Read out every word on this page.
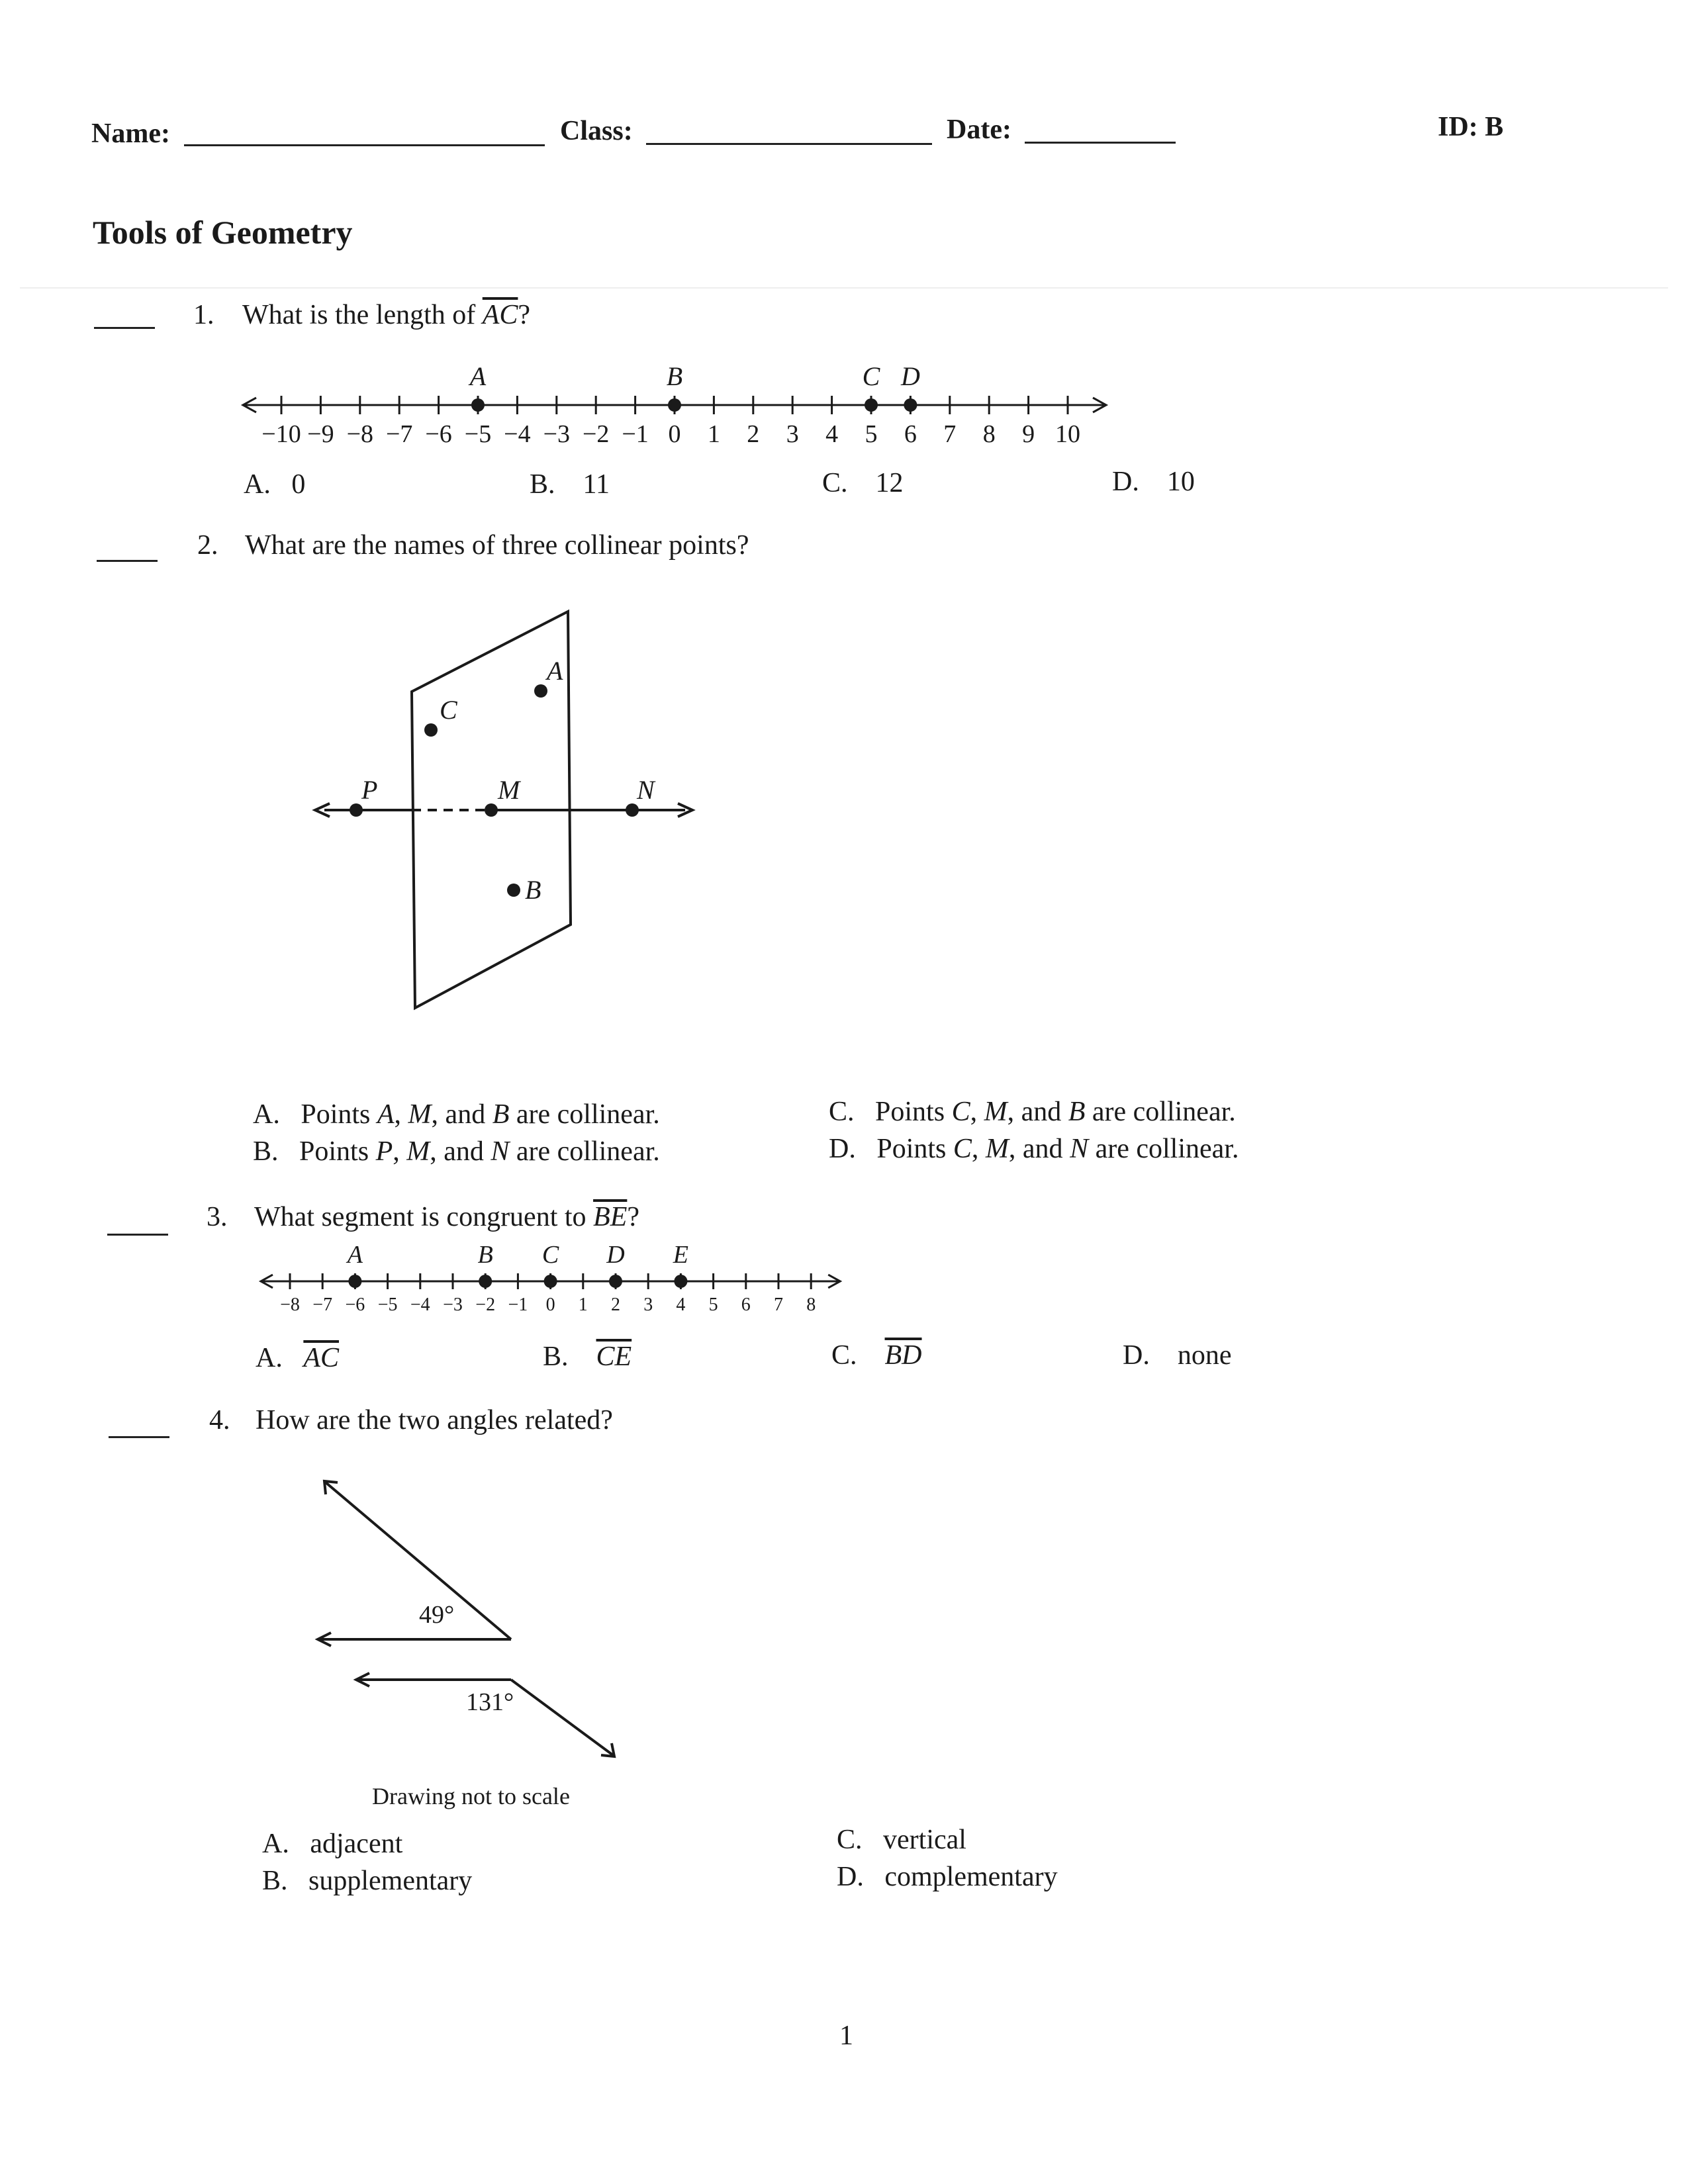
Name:	Class:	Date:	ID: B
Tools of Geometry
1. What is the length of $\overline{AC}$?
−10 −9 −8 −7 −6 −5 −4 −3 −2 −1 0 1 2 3 4 5 6 7 8 9 10
A	B	C D
A. 0	B. 11	C. 12	D. 10
2. What are the names of three collinear points?
P	M	N
A
C
B
A. Points A, M, and B are collinear.
B. Points P, M, and N are collinear.
C. Points C, M, and B are collinear.
D. Points C, M, and N are collinear.
3. What segment is congruent to $\overline{BE}$?
−8 −7 −6 −5 −4 −3 −2 −1 0 1 2 3 4 5 6 7 8
A	B C D E
A. $\overline{AC}$	B. $\overline{CE}$	C. $\overline{BD}$	D. none
4. How are the two angles related?
49°
131°
Drawing not to scale
A. adjacent
B. supplementary
C. vertical
D. complementary
1
